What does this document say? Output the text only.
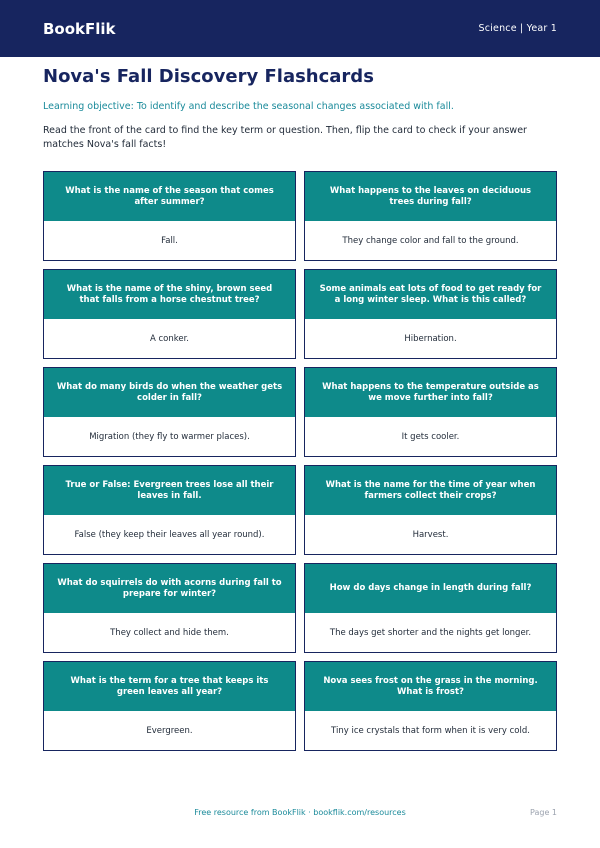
BookFlik	Science | Year 1
Nova's Fall Discovery Flashcards

Learning objective: To identify and describe the seasonal changes associated with fall.

Read the front of the card to find the key term or question. Then, flip the card to check if your answer matches Nova's fall facts!

What is the name of the season that comes after summer?
Fall.
What happens to the leaves on deciduous trees during fall?
They change color and fall to the ground.
What is the name of the shiny, brown seed that falls from a horse chestnut tree?
A conker.
Some animals eat lots of food to get ready for a long winter sleep. What is this called?
Hibernation.
What do many birds do when the weather gets colder in fall?
Migration (they fly to warmer places).
What happens to the temperature outside as we move further into fall?
It gets cooler.
True or False: Evergreen trees lose all their leaves in fall.
False (they keep their leaves all year round).
What is the name for the time of year when farmers collect their crops?
Harvest.
What do squirrels do with acorns during fall to prepare for winter?
They collect and hide them.
How do days change in length during fall?
The days get shorter and the nights get longer.
What is the term for a tree that keeps its green leaves all year?
Evergreen.
Nova sees frost on the grass in the morning. What is frost?
Tiny ice crystals that form when it is very cold.
Free resource from BookFlik · bookflik.com/resources	Page 1
